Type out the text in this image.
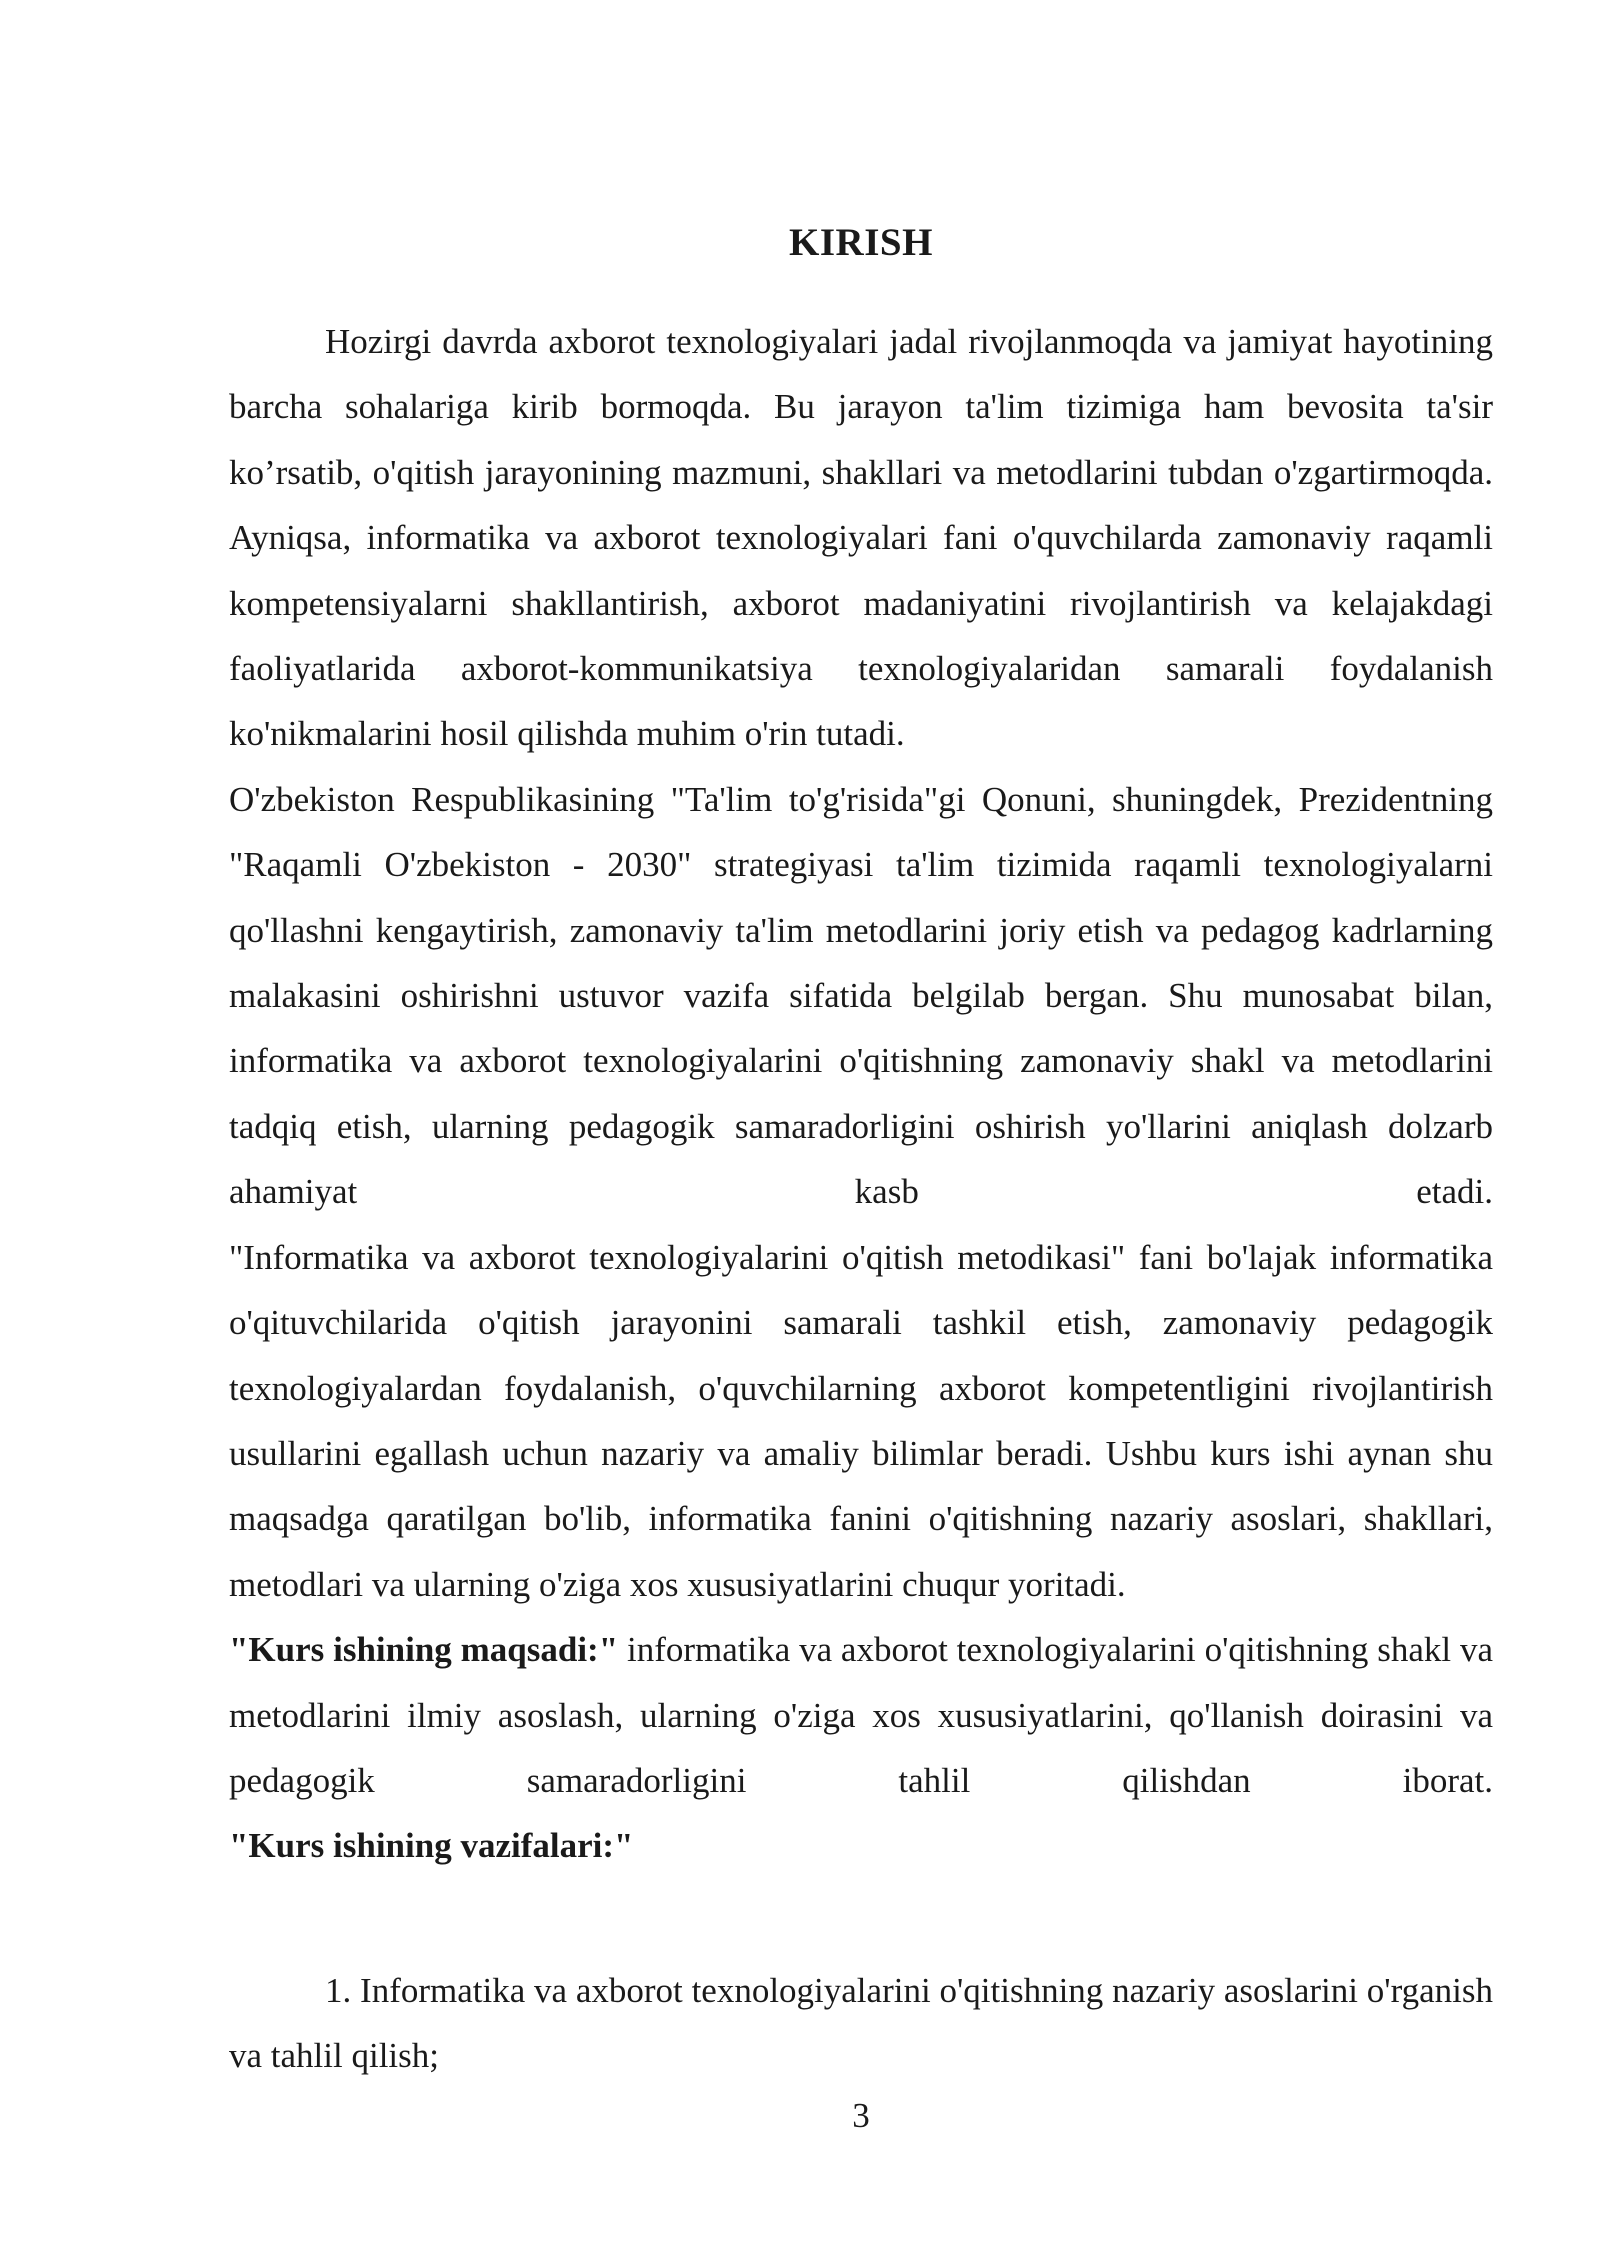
KIRISH

Hozirgi davrda axborot texnologiyalari jadal rivojlanmoqda va jamiyat hayotining barcha sohalariga kirib bormoqda. Bu jarayon ta'lim tizimiga ham bevosita ta'sir ko’rsatib, o'qitish jarayonining mazmuni, shakllari va metodlarini tubdan o'zgartirmoqda. Ayniqsa, informatika va axborot texnologiyalari fani o'quvchilarda zamonaviy raqamli kompetensiyalarni shakllantirish, axborot madaniyatini rivojlantirish va kelajakdagi faoliyatlarida axborot-kommunikatsiya texnologiyalaridan samarali foydalanish ko'nikmalarini hosil qilishda muhim o'rin tutadi.

O'zbekiston Respublikasining "Ta'lim to'g'risida"gi Qonuni, shuningdek, Prezidentning "Raqamli O'zbekiston - 2030" strategiyasi ta'lim tizimida raqamli texnologiyalarni qo'llashni kengaytirish, zamonaviy ta'lim metodlarini joriy etish va pedagog kadrlarning malakasini oshirishni ustuvor vazifa sifatida belgilab bergan. Shu munosabat bilan, informatika va axborot texnologiyalarini o'qitishning zamonaviy shakl va metodlarini tadqiq etish, ularning pedagogik samaradorligini oshirish yo'llarini aniqlash dolzarb ahamiyat kasb etadi.

"Informatika va axborot texnologiyalarini o'qitish metodikasi" fani bo'lajak informatika o'qituvchilarida o'qitish jarayonini samarali tashkil etish, zamonaviy pedagogik texnologiyalardan foydalanish, o'quvchilarning axborot kompetentligini rivojlantirish usullarini egallash uchun nazariy va amaliy bilimlar beradi. Ushbu kurs ishi aynan shu maqsadga qaratilgan bo'lib, informatika fanini o'qitishning nazariy asoslari, shakllari, metodlari va ularning o'ziga xos xususiyatlarini chuqur yoritadi.

"Kurs ishining maqsadi:" informatika va axborot texnologiyalarini o'qitishning shakl va metodlarini ilmiy asoslash, ularning o'ziga xos xususiyatlarini, qo'llanish doirasini va pedagogik samaradorligini tahlil qilishdan iborat.

"Kurs ishining vazifalari:"

1. Informatika va axborot texnologiyalarini o'qitishning nazariy asoslarini o'rganish va tahlil qilish;

3
